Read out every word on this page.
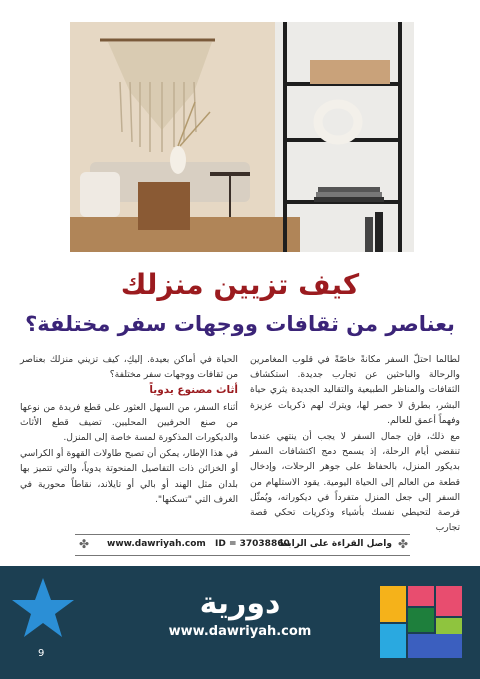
كيف تزيين منزلك
بعناصر من ثقافات ووجهات سفر مختلفة؟

لطالما احتلّ السفر مكانةً خاصّةً في قلوب المغامرين والرحالة والباحثين عن تجارب جديدة. استكشاف الثقافات والمناظر الطبيعية والتقاليد الجديدة يثري حياة البشر، بطرق لا حصر لها، ويترك لهم ذكريات عزيزة وفهماً أعمق للعالم.

مع ذلك، فإن جمال السفر لا يجب أن ينتهي عندما تنقضي أيام الرحلة، إذ يسمح دمج اكتشافات السفر بديكور المنزل، بالحفاظ على جوهر الرحلات، وإدخال قطعة من العالم إلى الحياة اليومية. يقود الاستلهام من السفر إلى جعل المنزل متفرداً في ديكوراته، ويُمثّل فرصة لتحيطي نفسك بأشياء وذكريات تحكي قصة تجارب

الحياة في أماكن بعيدة. إليكِ، كيف تزيني منزلك بعناصر من ثقافات ووجهات سفر مختلفة؟

أثاث مصنوع يدوياً

أثناء السفر، من السهل العثور على قطع فريدة من نوعها من صنع الحرفيين المحليين. تضيف قطع الأثاث والديكورات المذكورة لمسة خاصة إلى المنزل.

في هذا الإطار، يمكن أن تصبح طاولات القهوة أو الكراسي أو الخزائن ذات التفاصيل المنحوتة يدوياً، والتي تتميز بها بلدان مثل الهند أو بالي أو تايلاند، نقاطاً محورية في الغرف التي "تسكنها".

✤ www.dawriyah.com ID = 37038860
واصل القراءة على الرابط ✤
دورية
www.dawriyah.com
9
